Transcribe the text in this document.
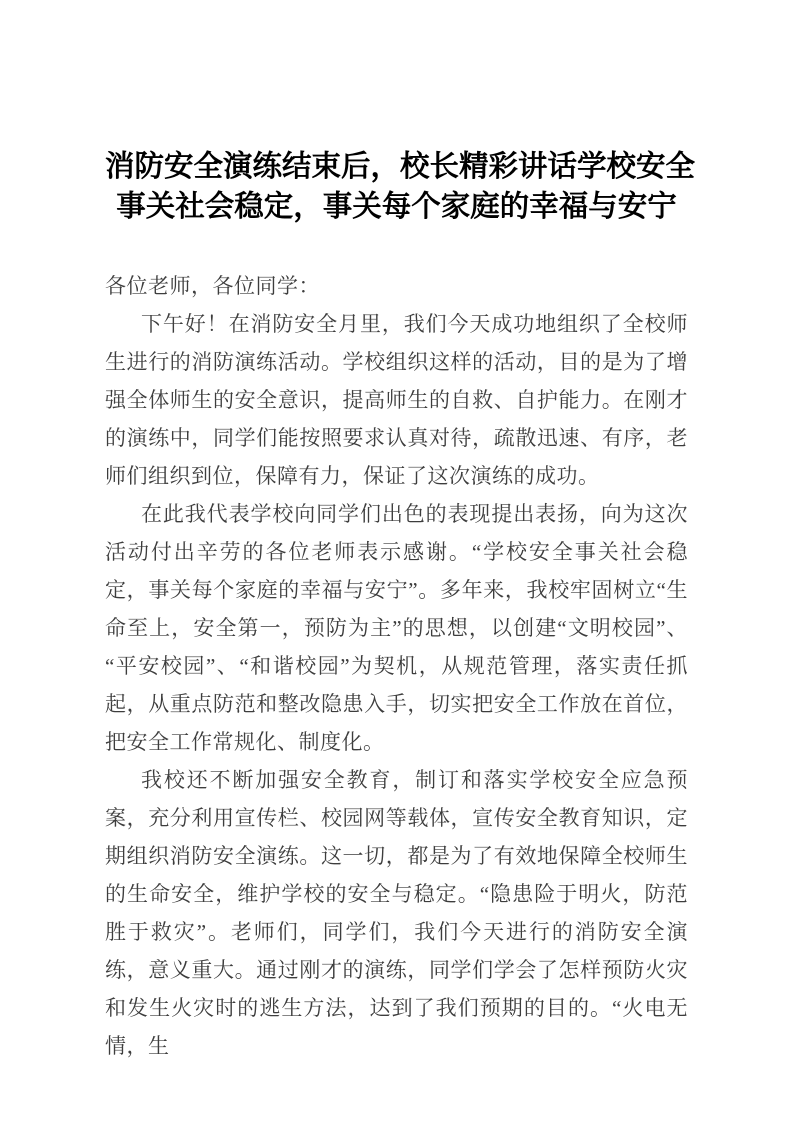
消防安全演练结束后，校长精彩讲话学校安全
事关社会稳定，事关每个家庭的幸福与安宁

各位老师，各位同学：

下午好！在消防安全月里，我们今天成功地组织了全校师生进行的消防演练活动。学校组织这样的活动，目的是为了增强全体师生的安全意识，提高师生的自救、自护能力。在刚才的演练中，同学们能按照要求认真对待，疏散迅速、有序，老师们组织到位，保障有力，保证了这次演练的成功。

在此我代表学校向同学们出色的表现提出表扬，向为这次活动付出辛劳的各位老师表示感谢。“学校安全事关社会稳定，事关每个家庭的幸福与安宁”。多年来，我校牢固树立“生命至上，安全第一，预防为主”的思想，以创建“文明校园”、“平安校园”、“和谐校园”为契机，从规范管理，落实责任抓起，从重点防范和整改隐患入手，切实把安全工作放在首位，把安全工作常规化、制度化。

我校还不断加强安全教育，制订和落实学校安全应急预案，充分利用宣传栏、校园网等载体，宣传安全教育知识，定期组织消防安全演练。这一切，都是为了有效地保障全校师生的生命安全，维护学校的安全与稳定。“隐患险于明火，防范胜于救灾”。老师们，同学们，我们今天进行的消防安全演练，意义重大。通过刚才的演练，同学们学会了怎样预防火灾和发生火灾时的逃生方法，达到了我们预期的目的。“火电无情，生
